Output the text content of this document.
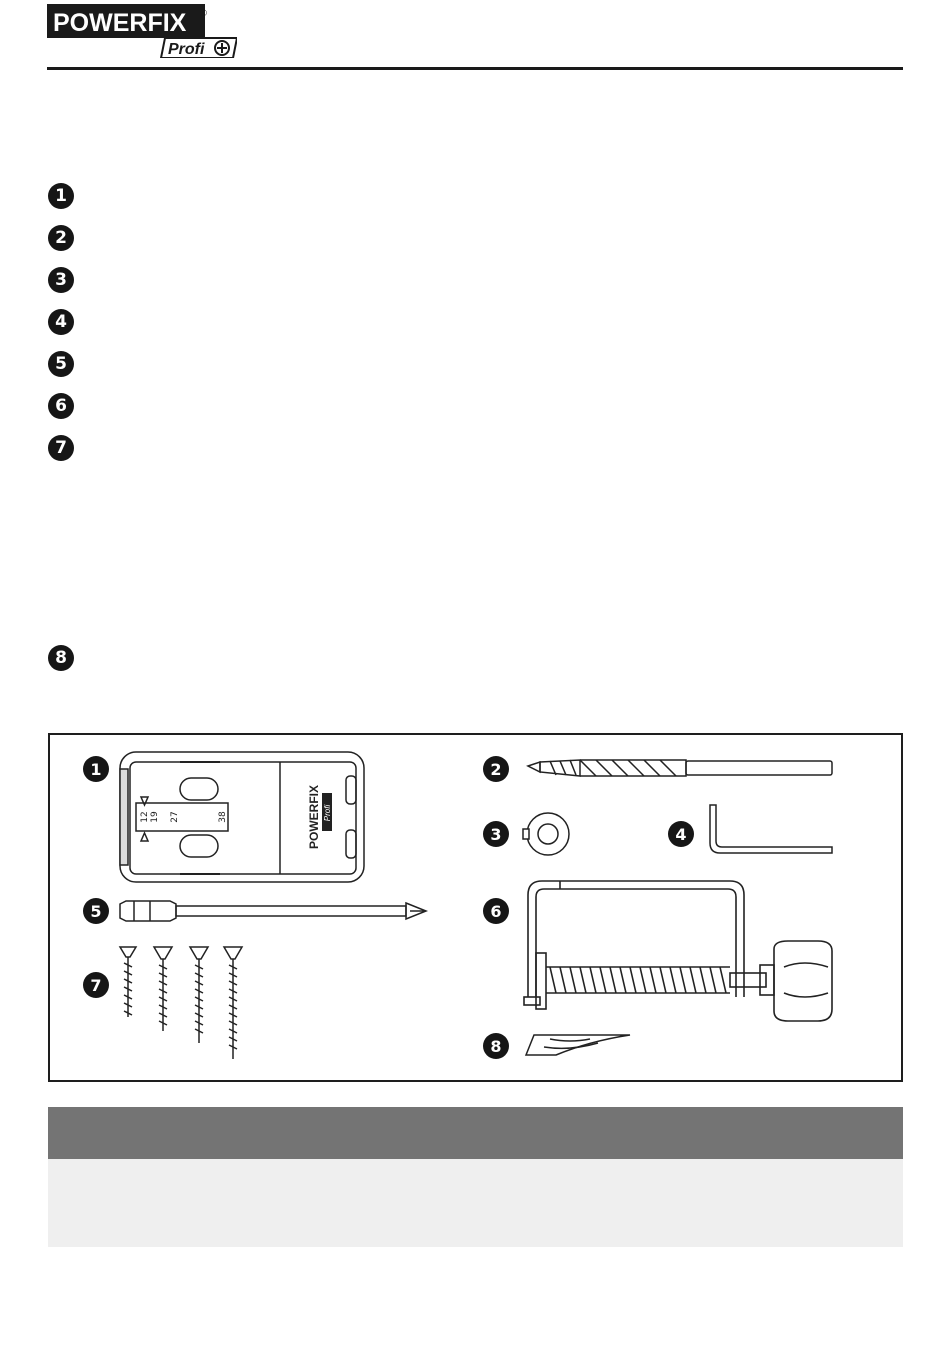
POWERFIX ®
Profi
1
2
3
4
5
6
7
8
1	2
3	4
5	6
7
8
12 19 27	38	POWERFIX Profi
